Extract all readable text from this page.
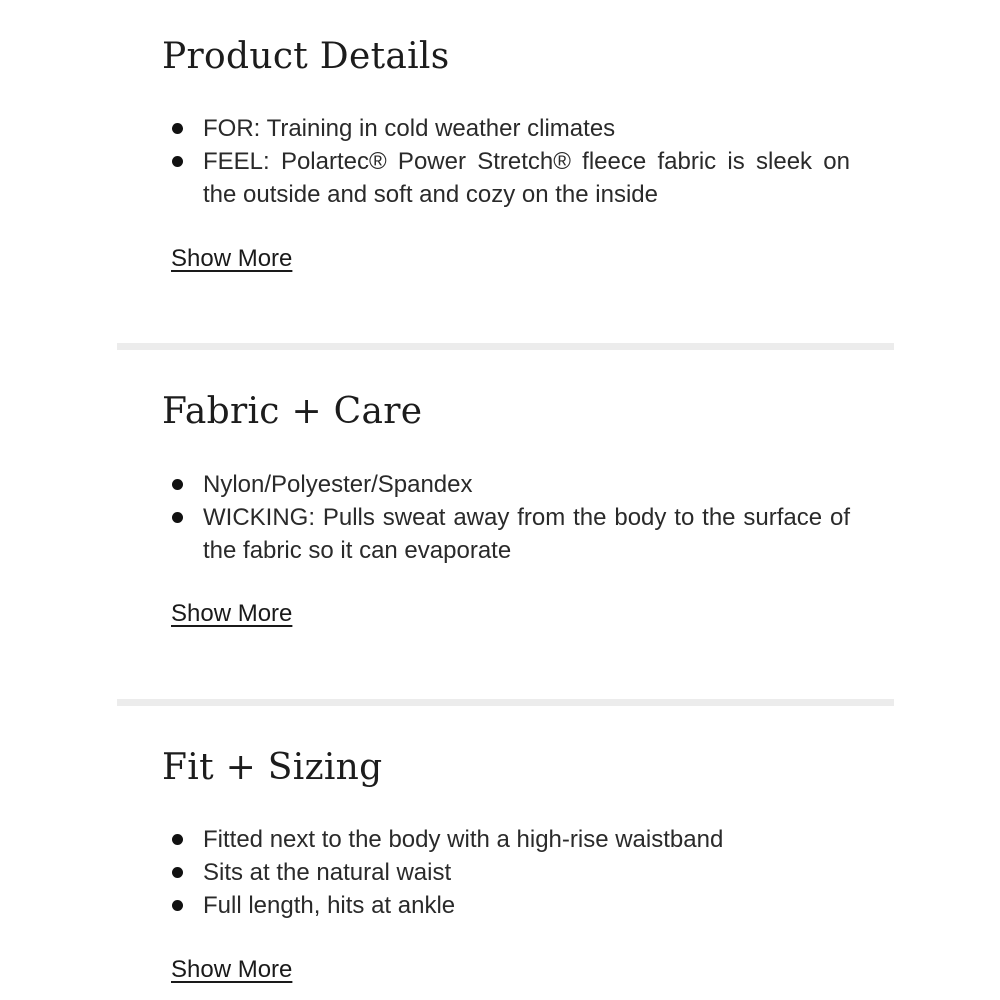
Product Details
FOR: Training in cold weather climates
FEEL: Polartec® Power Stretch® fleece fabric is sleek on the outside and soft and cozy on the inside
Show More
Fabric + Care
Nylon/Polyester/Spandex
WICKING: Pulls sweat away from the body to the surface of the fabric so it can evaporate
Show More
Fit + Sizing
Fitted next to the body with a high-rise waistband
Sits at the natural waist
Full length, hits at ankle
Show More
